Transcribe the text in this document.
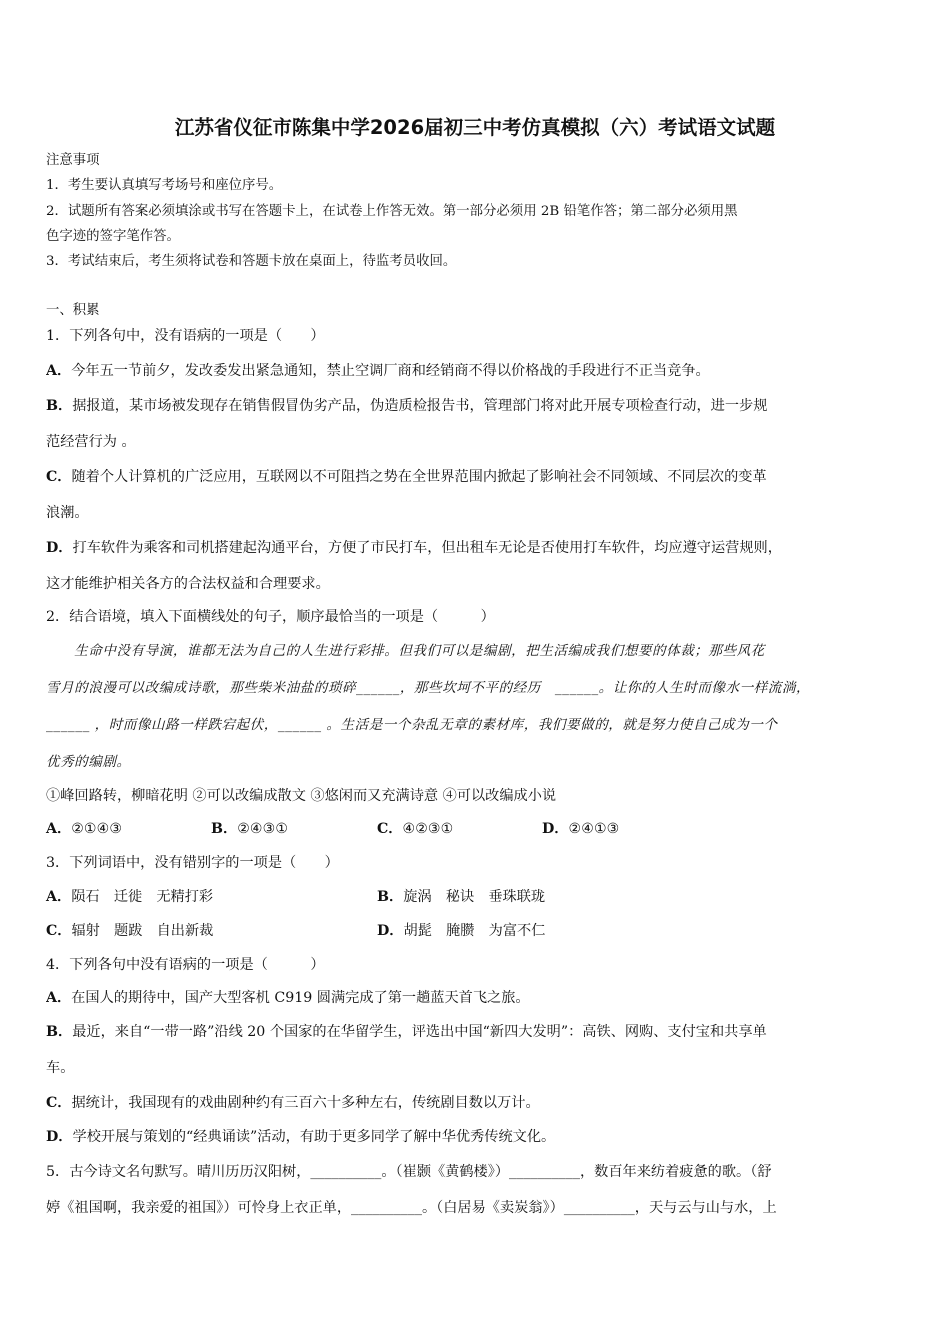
江苏省仪征市陈集中学2026届初三中考仿真模拟（六）考试语文试题
注意事项
1．考生要认真填写考场号和座位序号。
2．试题所有答案必须填涂或书写在答题卡上，在试卷上作答无效。第一部分必须用 2B 铅笔作答；第二部分必须用黑
色字迹的签字笔作答。
3．考试结束后，考生须将试卷和答题卡放在桌面上，待监考员收回。
一、积累
1．下列各句中，没有语病的一项是（　　）
A．今年五一节前夕，发改委发出紧急通知，禁止空调厂商和经销商不得以价格战的手段进行不正当竞争。
B．据报道，某市场被发现存在销售假冒伪劣产品，伪造质检报告书，管理部门将对此开展专项检查行动，进一步规
范经营行为 。
C．随着个人计算机的广泛应用，互联网以不可阻挡之势在全世界范围内掀起了影响社会不同领域、不同层次的变革
浪潮。
D．打车软件为乘客和司机搭建起沟通平台，方便了市民打车，但出租车无论是否使用打车软件，均应遵守运营规则，
这才能维护相关各方的合法权益和合理要求。
2．结合语境，填入下面横线处的句子，顺序最恰当的一项是（　　　）
　　生命中没有导演，谁都无法为自己的人生进行彩排。但我们可以是编剧，把生活编成我们想要的体裁；那些风花
雪月的浪漫可以改编成诗歌，那些柴米油盐的琐碎______，那些坎坷不平的经历　______。让你的人生时而像水一样流淌，
______ ，时而像山路一样跌宕起伏，______ 。生活是一个杂乱无章的素材库，我们要做的，就是努力使自己成为一个
优秀的编剧。
①峰回路转，柳暗花明 ②可以改编成散文 ③悠闲而又充满诗意 ④可以改编成小说
A．②①④③	B．②④③①	C．④②③①	D．②④①③
3．下列词语中，没有错别字的一项是（　　）
A．陨石　迁徙　无精打彩	B．旋涡　秘诀　垂珠联珑
C．辐射　题跋　自出新裁	D．胡髭　腌臜　为富不仁
4．下列各句中没有语病的一项是（　　　）
A．在国人的期待中，国产大型客机 C919 圆满完成了第一趟蓝天首飞之旅。
B．最近，来自“一带一路”沿线 20 个国家的在华留学生，评选出中国“新四大发明”：高铁、网购、支付宝和共享单
车。
C．据统计，我国现有的戏曲剧种约有三百六十多种左右，传统剧目数以万计。
D．学校开展与策划的“经典诵读”活动，有助于更多同学了解中华优秀传统文化。
5．古今诗文名句默写。晴川历历汉阳树，__________。（崔颢《黄鹤楼》）__________，数百年来纺着疲惫的歌。（舒
婷《祖国啊，我亲爱的祖国》）可怜身上衣正单，__________。（白居易《卖炭翁》）__________，天与云与山与水，上
